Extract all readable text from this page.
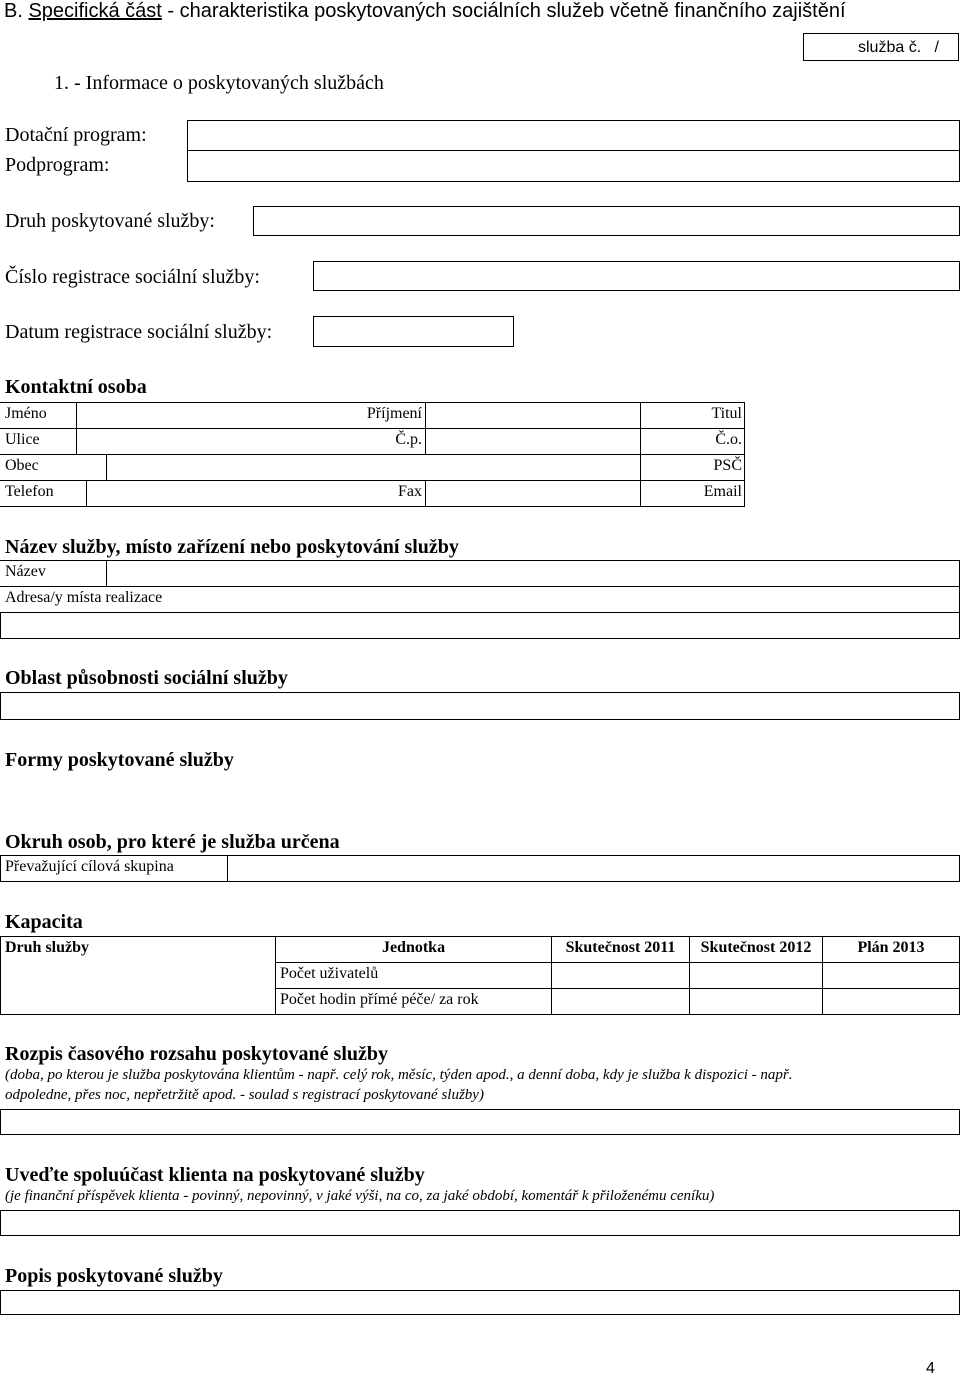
B. Specifická část - charakteristika poskytovaných sociálních služeb včetně finančního zajištění
služba č.   /
1. - Informace o poskytovaných službách
Dotační program:
Podprogram:
Druh poskytované služby:
Číslo registrace sociální služby:
Datum registrace sociální služby:
Kontaktní osoba
Jméno	Příjmení	Titul
Ulice	Č.p.	Č.o.
Obec	PSČ
Telefon	Fax	Email
Název služby, místo zařízení nebo poskytování služby
Název
Adresa/y místa realizace
Oblast působnosti sociální služby
Formy poskytované služby
Okruh osob, pro které je služba určena
Převažující cílová skupina
Kapacita
Druh služby	Jednotka	Skutečnost 2011	Skutečnost 2012	Plán 2013
Počet uživatelů
Počet hodin přímé péče/ za rok
Rozpis časového rozsahu poskytované služby
(doba, po kterou je služba poskytována klientům - např. celý rok, měsíc, týden apod., a denní doba, kdy je služba k dispozici - např.
odpoledne, přes noc, nepřetržitě apod. - soulad s registrací poskytované služby)
Uveďte spoluúčast klienta na poskytované služby
(je finanční příspěvek klienta - povinný, nepovinný, v jaké výši, na co, za jaké období, komentář k přiloženému ceníku)
Popis poskytované služby
4
